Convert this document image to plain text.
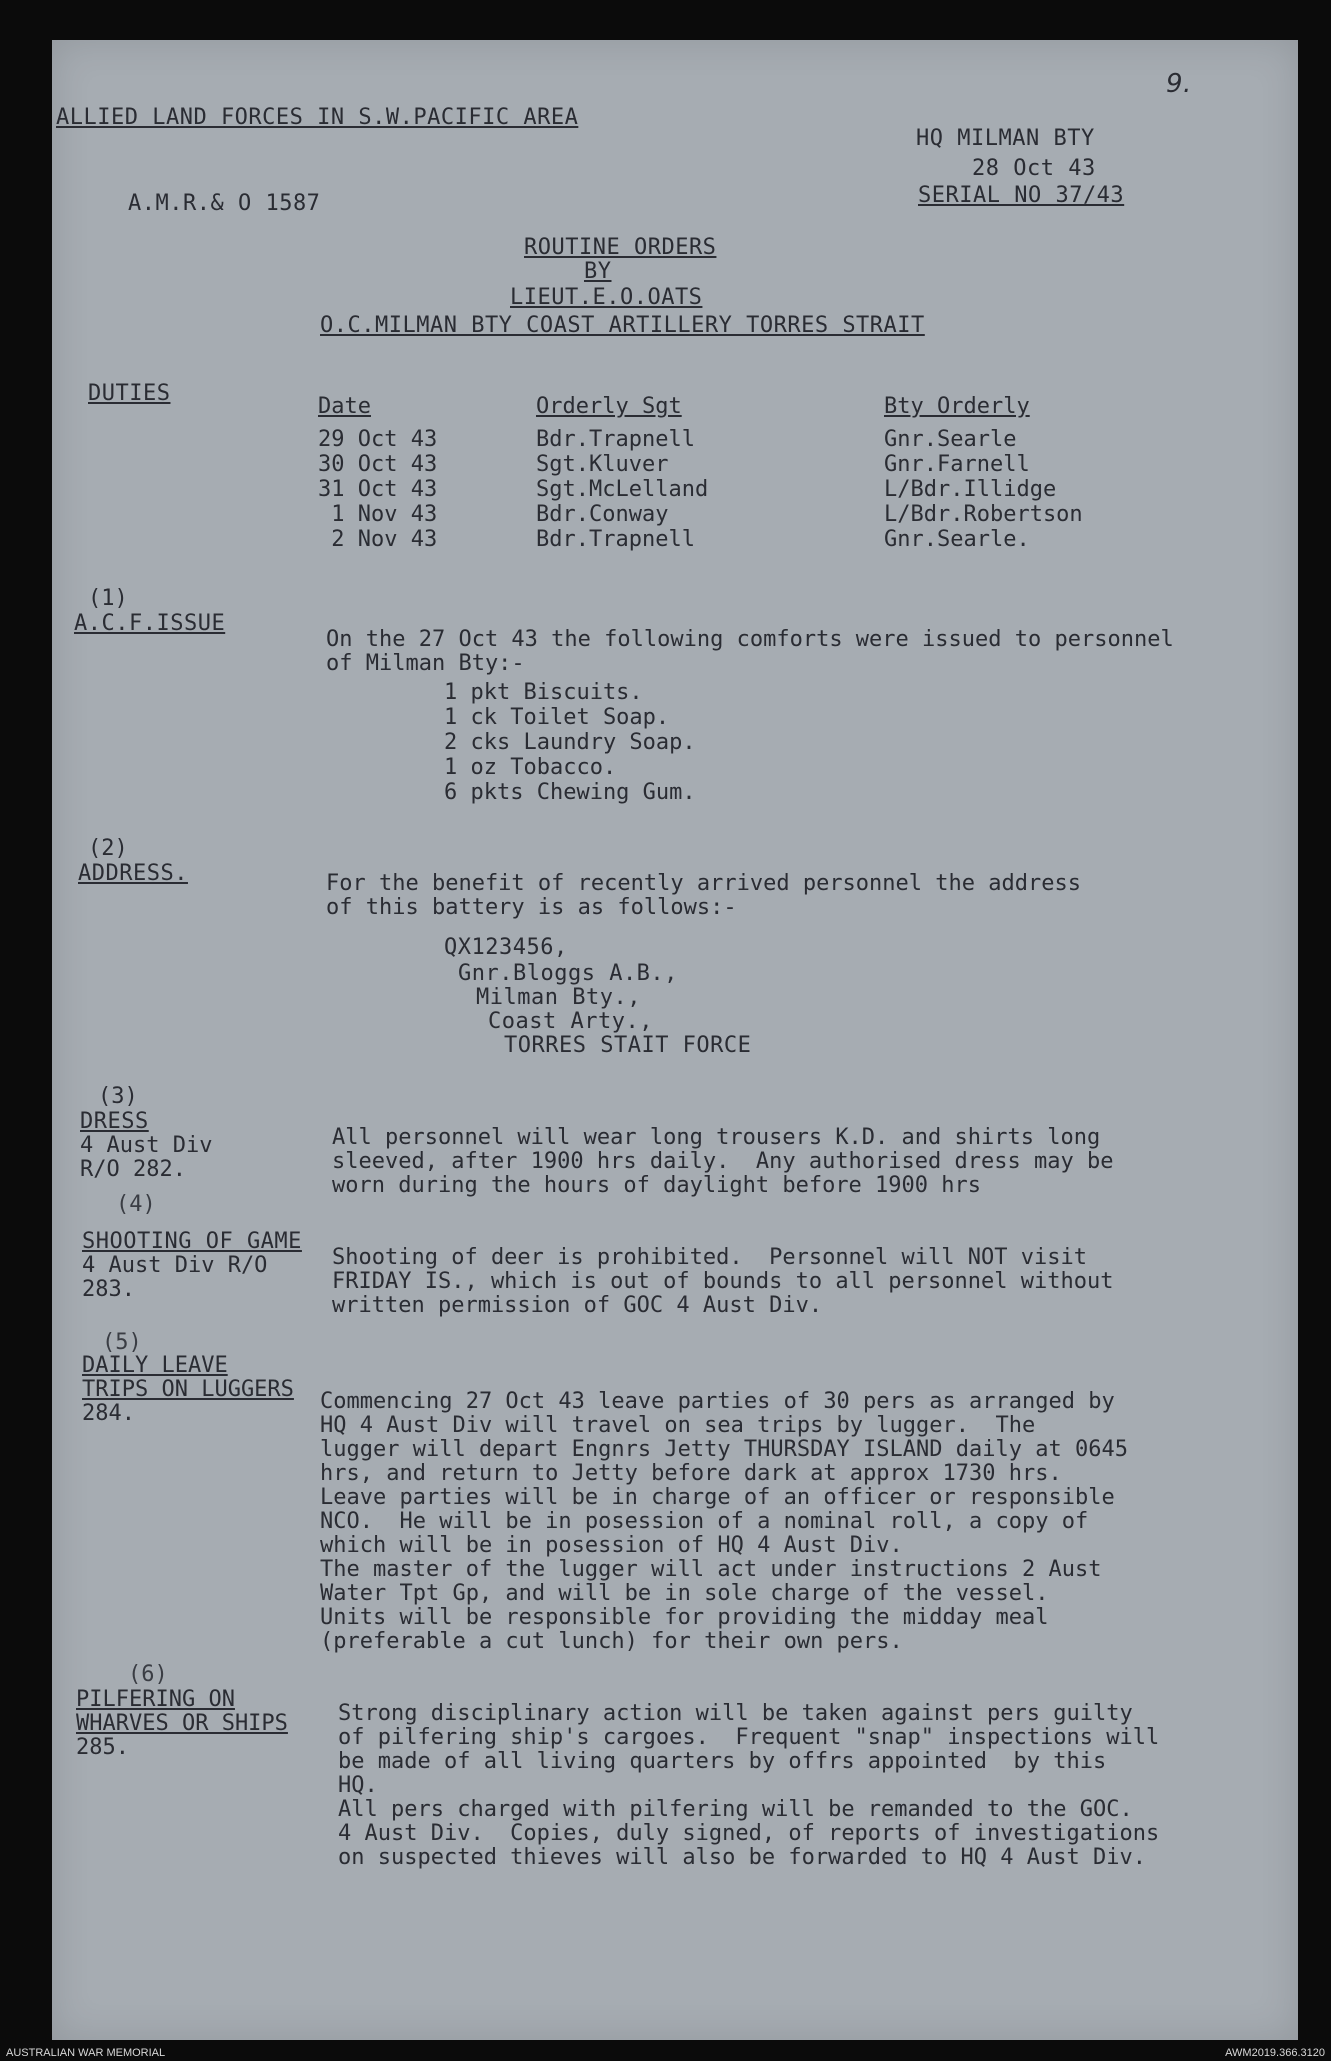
ALLIED LAND FORCES IN S.W.PACIFIC AREA
A.M.R.& O 1587
9.
HQ MILMAN BTY
28 Oct 43
SERIAL NO 37/43
ROUTINE ORDERS
BY
LIEUT.E.O.OATS
O.C.MILMAN BTY COAST ARTILLERY TORRES STRAIT
DUTIES
Date	Orderly Sgt	Bty Orderly

29 Oct 43	Bdr.Trapnell	Gnr.Searle
30 Oct 43	Sgt.Kluver	Gnr.Farnell
31 Oct 43	Sgt.McLelland	L/Bdr.Illidge
1 Nov 43	Bdr.Conway	L/Bdr.Robertson
2 Nov 43	Bdr.Trapnell	Gnr.Searle.
(1)
A.C.F.ISSUE
On the 27 Oct 43 the following comforts were issued to personnel
of Milman Bty:-
1 pkt Biscuits.
1 ck Toilet Soap.
2 cks Laundry Soap.
1 oz Tobacco.
6 pkts Chewing Gum.
(2)
ADDRESS.	For the benefit of recently arrived personnel the address
of this battery is as follows:-
QX123456,
Gnr.Bloggs A.B.,
Milman Bty.,
Coast Arty.,
TORRES STAIT FORCE
(3)
DRESS
4 Aust Div
R/O 282.
All personnel will wear long trousers K.D. and shirts long
sleeved, after 1900 hrs daily.  Any authorised dress may be
worn during the hours of daylight before 1900 hrs
(4)
SHOOTING OF GAME
4 Aust Div R/O
283.
Shooting of deer is prohibited.  Personnel will NOT visit
FRIDAY IS., which is out of bounds to all personnel without
written permission of GOC 4 Aust Div.
(5)
DAILY LEAVE
TRIPS ON LUGGERS
284.	Commencing 27 Oct 43 leave parties of 30 pers as arranged by
HQ 4 Aust Div will travel on sea trips by lugger.  The
lugger will depart Engnrs Jetty THURSDAY ISLAND daily at 0645
hrs, and return to Jetty before dark at approx 1730 hrs.
Leave parties will be in charge of an officer or responsible
NCO.  He will be in posession of a nominal roll, a copy of
which will be in posession of HQ 4 Aust Div.
The master of the lugger will act under instructions 2 Aust
Water Tpt Gp, and will be in sole charge of the vessel.
Units will be responsible for providing the midday meal
(preferable a cut lunch) for their own pers.
(6)
PILFERING ON
WHARVES OR SHIPS
285.
Strong disciplinary action will be taken against pers guilty
of pilfering ship's cargoes.  Frequent "snap" inspections will
be made of all living quarters by offrs appointed  by this
HQ.
All pers charged with pilfering will be remanded to the GOC.
4 Aust Div.  Copies, duly signed, of reports of investigations
on suspected thieves will also be forwarded to HQ 4 Aust Div.
AUSTRALIAN WAR MEMORIAL	AWM2019.366.3120
